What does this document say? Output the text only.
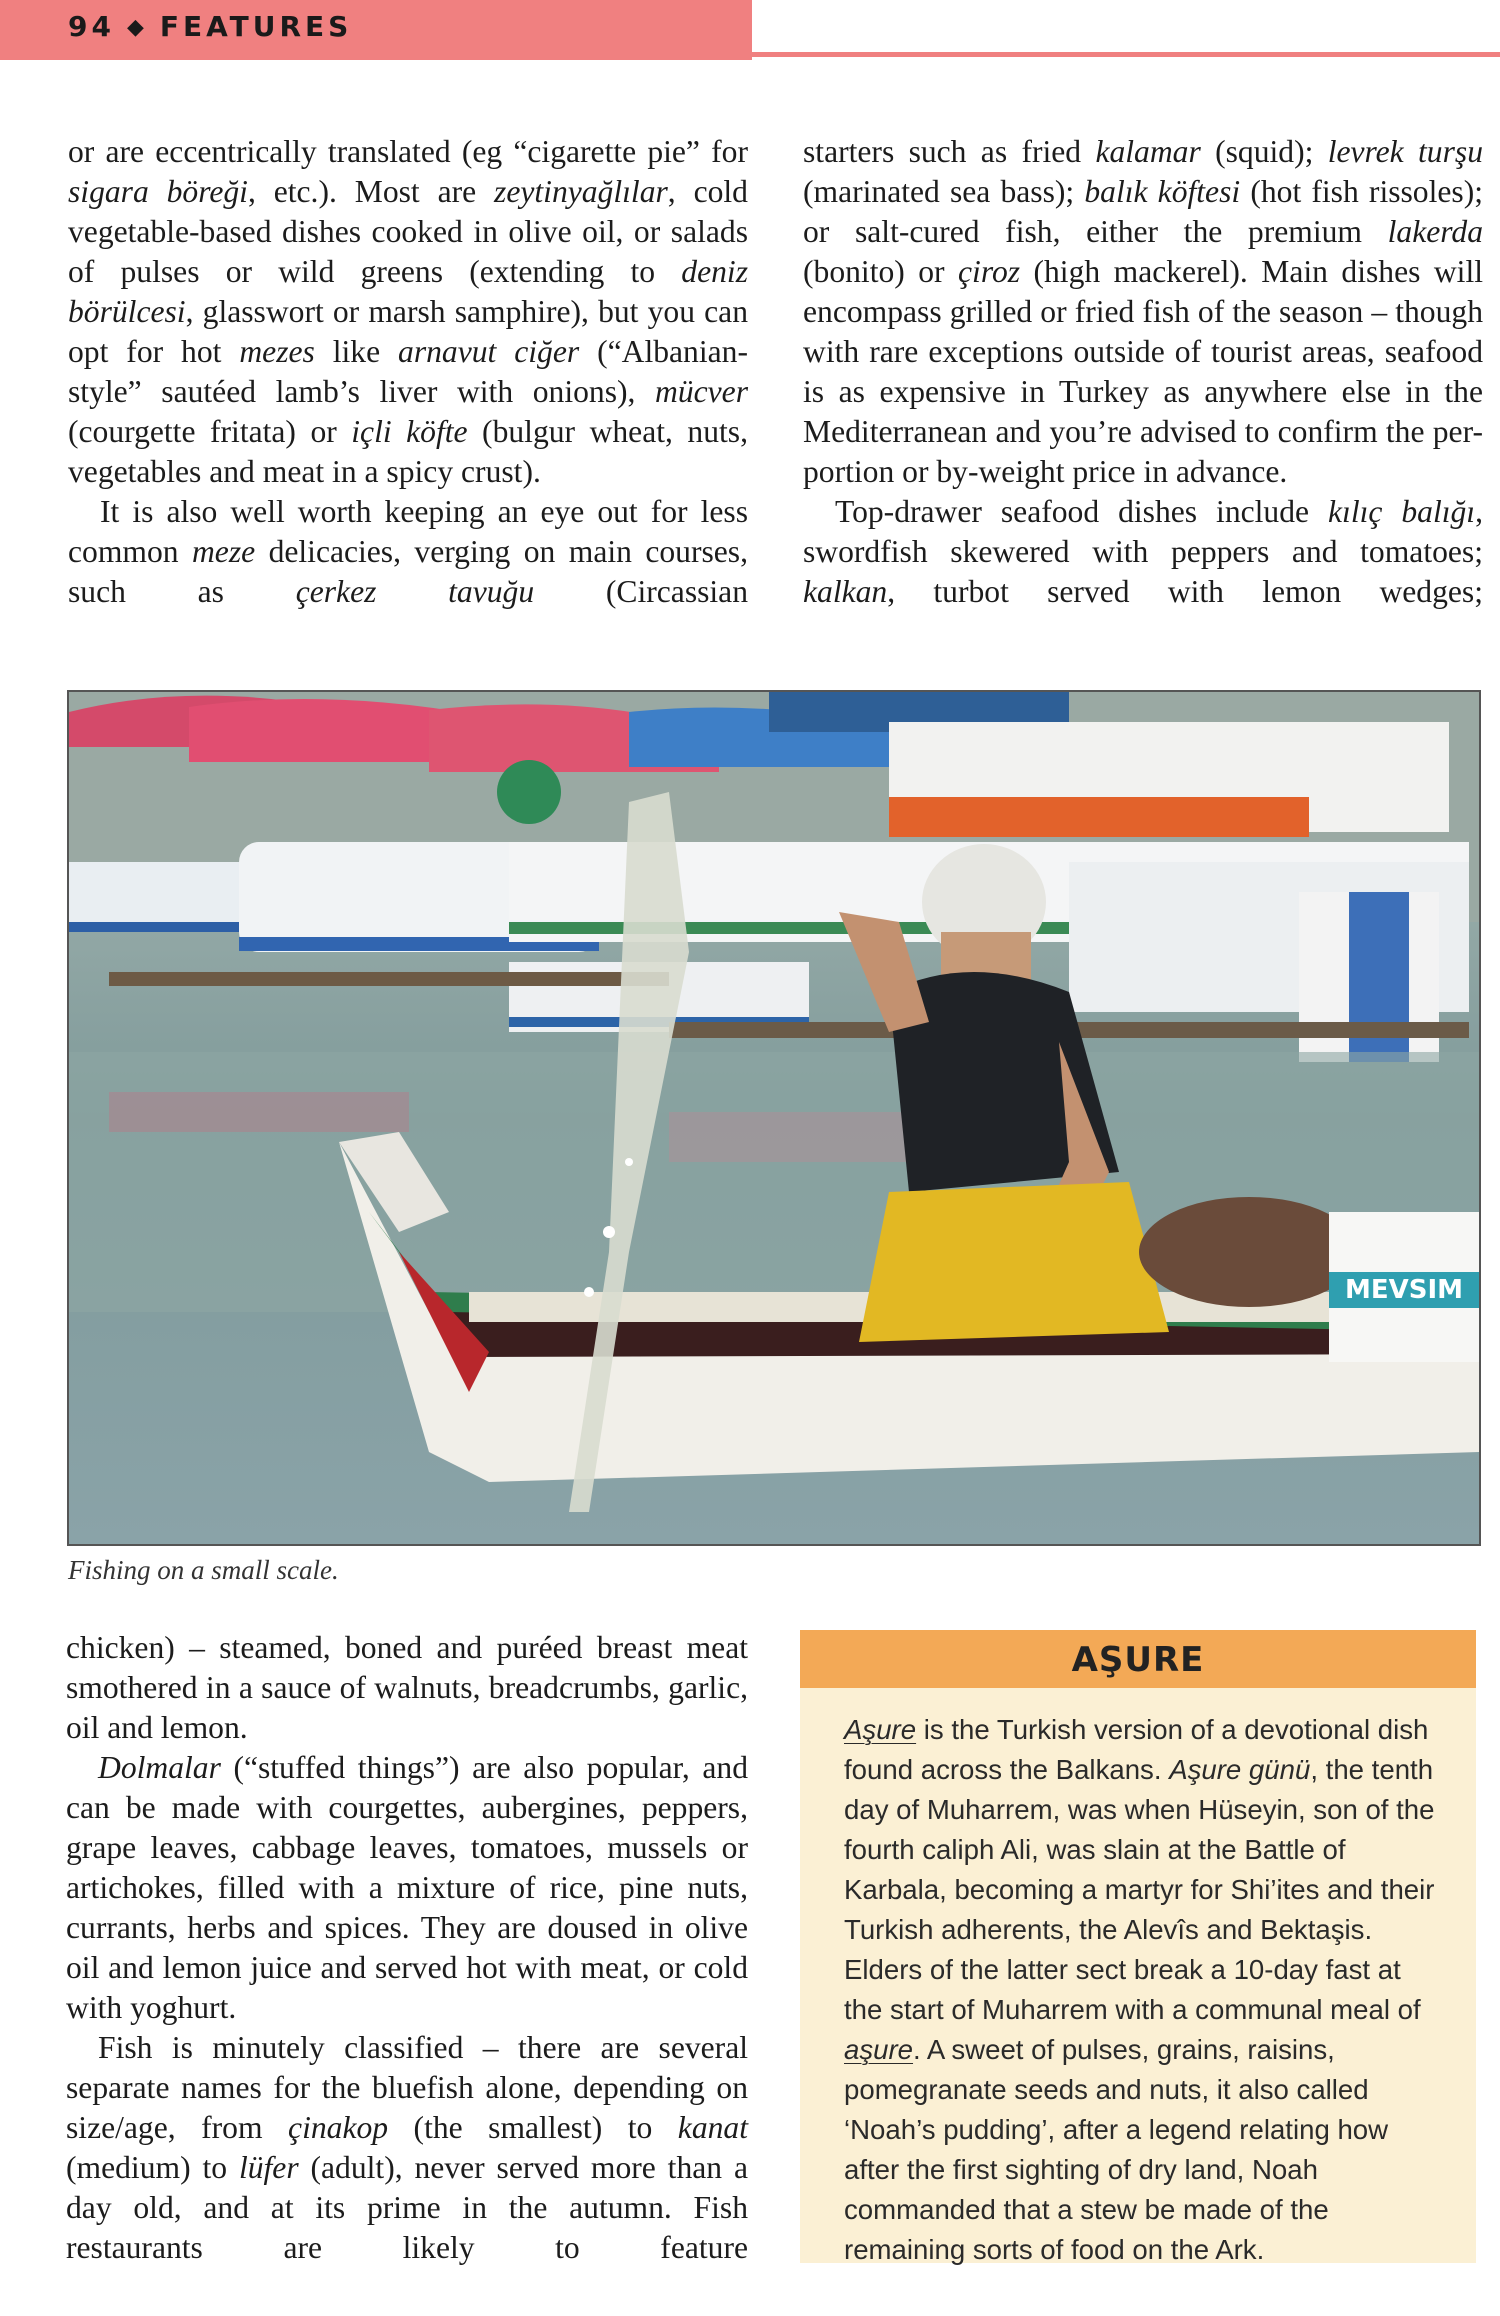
94 ◆ FEATURES

or are eccentrically translated (eg “cigarette pie” for sigara böreği, etc.). Most are zeytinyağlılar, cold vegetable-based dishes cooked in olive oil, or salads of pulses or wild greens (extending to deniz börülcesi, glasswort or marsh samphire), but you can opt for hot mezes like arnavut ciğer (“Albanian-style” sautéed lamb’s liver with onions), mücver (courgette fritata) or içli köfte (bulgur wheat, nuts, vegetables and meat in a spicy crust).

It is also well worth keeping an eye out for less common meze delicacies, verging on main courses, such as çerkez tavuğu (Circassian

starters such as fried kalamar (squid); levrek turşu (marinated sea bass); balık köftesi (hot fish rissoles); or salt-cured fish, either the premium lakerda (bonito) or çiroz (high mackerel). Main dishes will encompass grilled or fried fish of the season – though with rare exceptions outside of tourist areas, seafood is as expensive in Turkey as anywhere else in the Mediterranean and you’re advised to confirm the per-portion or by-weight price in advance.

Top-drawer seafood dishes include kılıç balığı, swordfish skewered with peppers and tomatoes; kalkan, turbot served with lemon wedges;

MEVSIM
Fishing on a small scale.

chicken) – steamed, boned and puréed breast meat smothered in a sauce of walnuts, breadcrumbs, garlic, oil and lemon.

Dolmalar (“stuffed things”) are also popular, and can be made with courgettes, aubergines, peppers, grape leaves, cabbage leaves, tomatoes, mussels or artichokes, filled with a mixture of rice, pine nuts, currants, herbs and spices. They are doused in olive oil and lemon juice and served hot with meat, or cold with yoghurt.

Fish is minutely classified – there are several separate names for the bluefish alone, depending on size/age, from çinakop (the smallest) to kanat (medium) to lüfer (adult), never served more than a day old, and at its prime in the autumn. Fish restaurants are likely to feature

AŞURE
Aşure is the Turkish version of a devotional dish found across the Balkans. Aşure günü, the tenth day of Muharrem, was when Hüseyin, son of the fourth caliph Ali, was slain at the Battle of Karbala, becoming a martyr for Shi’ites and their Turkish adherents, the Alevîs and Bektaşis. Elders of the latter sect break a 10-day fast at the start of Muharrem with a communal meal of aşure. A sweet of pulses, grains, raisins, pomegranate seeds and nuts, it also called ‘Noah’s pudding’, after a legend relating how after the first sighting of dry land, Noah commanded that a stew be made of the remaining sorts of food on the Ark.
